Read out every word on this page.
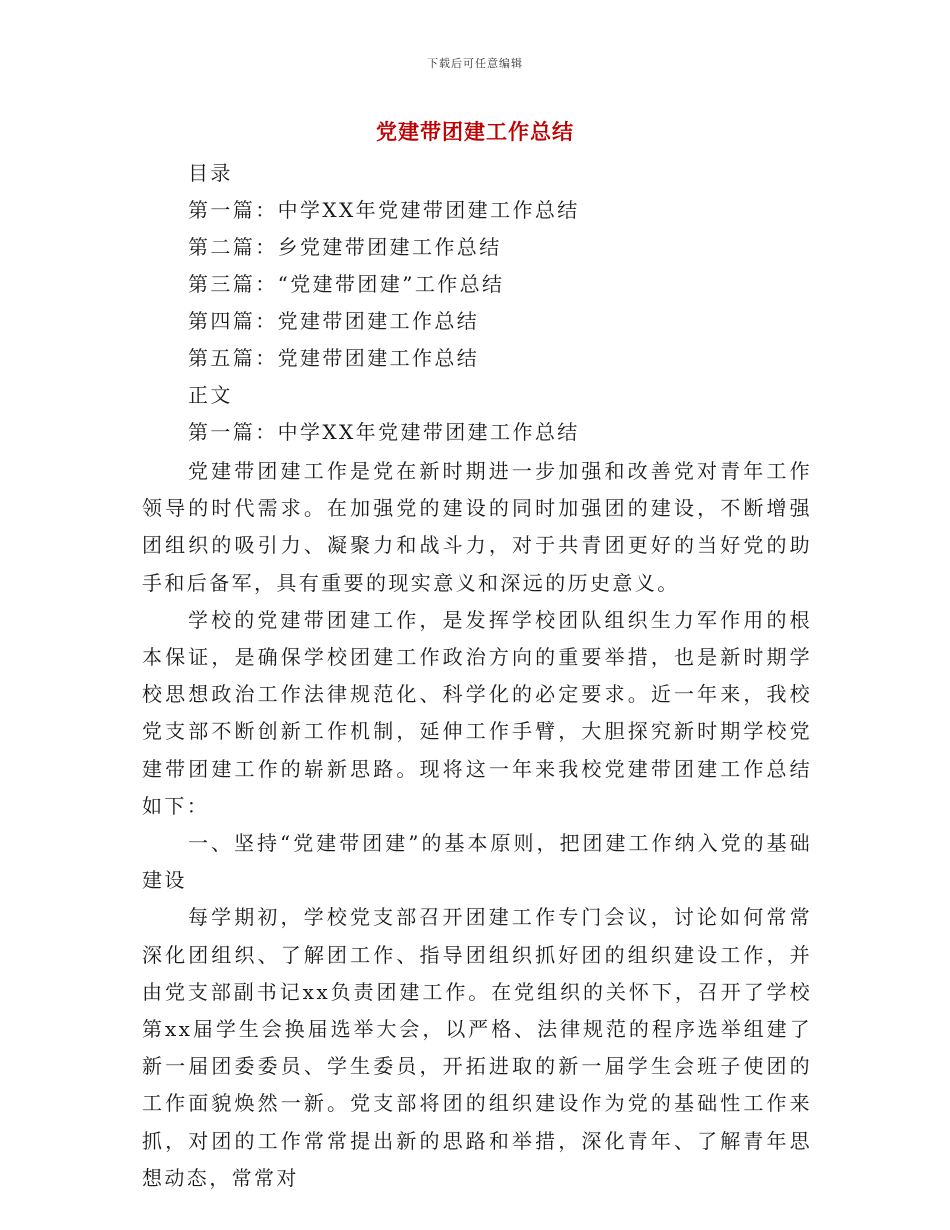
下载后可任意编辑
党建带团建工作总结
目录
第一篇：中学XX年党建带团建工作总结
第二篇：乡党建带团建工作总结
第三篇：“党建带团建”工作总结
第四篇：党建带团建工作总结
第五篇：党建带团建工作总结
正文
第一篇：中学XX年党建带团建工作总结

党建带团建工作是党在新时期进一步加强和改善党对青年工作领导的时代需求。在加强党的建设的同时加强团的建设，不断增强团组织的吸引力、凝聚力和战斗力，对于共青团更好的当好党的助手和后备军，具有重要的现实意义和深远的历史意义。

学校的党建带团建工作，是发挥学校团队组织生力军作用的根本保证，是确保学校团建工作政治方向的重要举措，也是新时期学校思想政治工作法律规范化、科学化的必定要求。近一年来，我校党支部不断创新工作机制，延伸工作手臂，大胆探究新时期学校党建带团建工作的崭新思路。现将这一年来我校党建带团建工作总结如下：

一、坚持“党建带团建”的基本原则，把团建工作纳入党的基础建设

每学期初，学校党支部召开团建工作专门会议，讨论如何常常深化团组织、了解团工作、指导团组织抓好团的组织建设工作，并由党支部副书记xx负责团建工作。在党组织的关怀下，召开了学校第xx届学生会换届选举大会，以严格、法律规范的程序选举组建了新一届团委委员、学生委员，开拓进取的新一届学生会班子使团的工作面貌焕然一新。党支部将团的组织建设作为党的基础性工作来抓，对团的工作常常提出新的思路和举措，深化青年、了解青年思想动态，常常对
